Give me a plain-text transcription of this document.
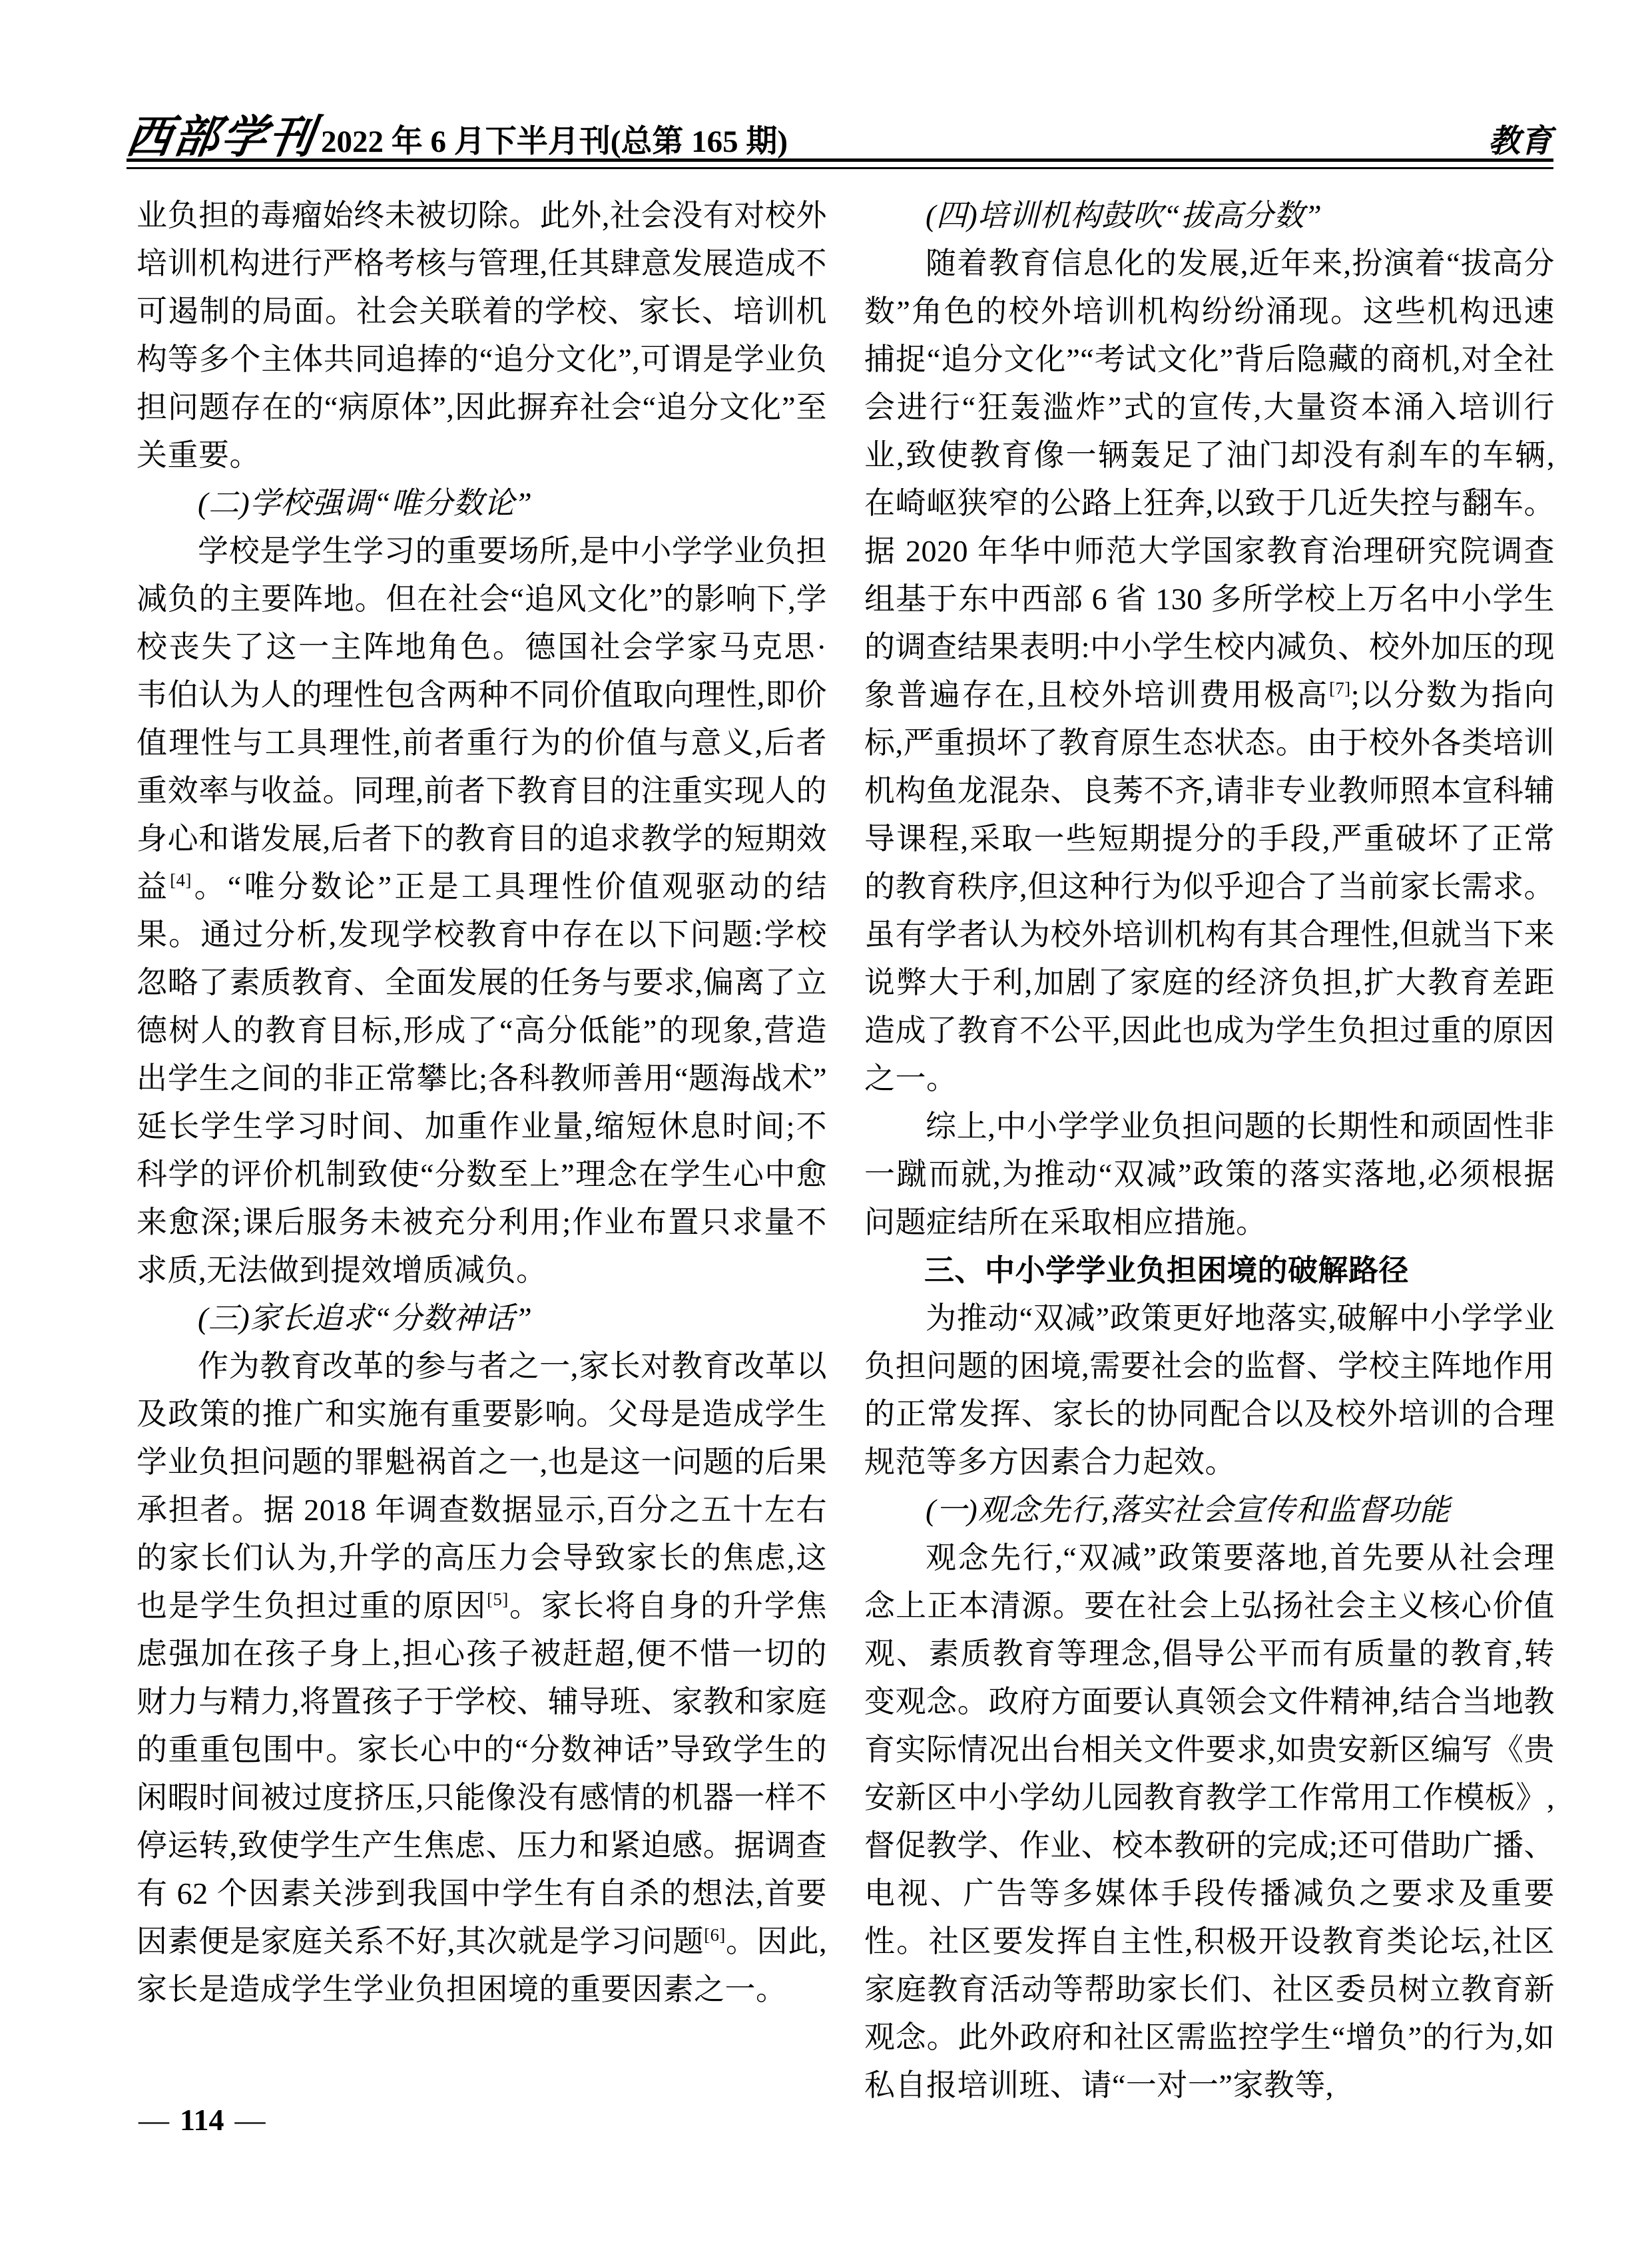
西部学刊 2022 年 6 月下半月刊(总第 165 期)	教育

业负担的毒瘤始终未被切除。此外,社会没有对校外培训机构进行严格考核与管理,任其肆意发展造成不可遏制的局面。社会关联着的学校、家长、培训机构等多个主体共同追捧的“追分文化”,可谓是学业负担问题存在的“病原体”,因此摒弃社会“追分文化”至关重要。

(二)学校强调“唯分数论”

学校是学生学习的重要场所,是中小学学业负担减负的主要阵地。但在社会“追风文化”的影响下,学校丧失了这一主阵地角色。德国社会学家马克思·韦伯认为人的理性包含两种不同价值取向理性,即价值理性与工具理性,前者重行为的价值与意义,后者重效率与收益。同理,前者下教育目的注重实现人的身心和谐发展,后者下的教育目的追求教学的短期效益[4]。“唯分数论”正是工具理性价值观驱动的结果。通过分析,发现学校教育中存在以下问题:学校忽略了素质教育、全面发展的任务与要求,偏离了立德树人的教育目标,形成了“高分低能”的现象,营造出学生之间的非正常攀比;各科教师善用“题海战术”延长学生学习时间、加重作业量,缩短休息时间;不科学的评价机制致使“分数至上”理念在学生心中愈来愈深;课后服务未被充分利用;作业布置只求量不求质,无法做到提效增质减负。

(三)家长追求“分数神话”

作为教育改革的参与者之一,家长对教育改革以及政策的推广和实施有重要影响。父母是造成学生学业负担问题的罪魁祸首之一,也是这一问题的后果承担者。据 2018 年调查数据显示,百分之五十左右的家长们认为,升学的高压力会导致家长的焦虑,这也是学生负担过重的原因[5]。家长将自身的升学焦虑强加在孩子身上,担心孩子被赶超,便不惜一切的财力与精力,将置孩子于学校、辅导班、家教和家庭的重重包围中。家长心中的“分数神话”导致学生的闲暇时间被过度挤压,只能像没有感情的机器一样不停运转,致使学生产生焦虑、压力和紧迫感。据调查有 62 个因素关涉到我国中学生有自杀的想法,首要因素便是家庭关系不好,其次就是学习问题[6]。因此,家长是造成学生学业负担困境的重要因素之一。

(四)培训机构鼓吹“拔高分数”

随着教育信息化的发展,近年来,扮演着“拔高分数”角色的校外培训机构纷纷涌现。这些机构迅速捕捉“追分文化”“考试文化”背后隐藏的商机,对全社会进行“狂轰滥炸”式的宣传,大量资本涌入培训行业,致使教育像一辆轰足了油门却没有刹车的车辆,在崎岖狭窄的公路上狂奔,以致于几近失控与翻车。据 2020 年华中师范大学国家教育治理研究院调查组基于东中西部 6 省 130 多所学校上万名中小学生的调查结果表明:中小学生校内减负、校外加压的现象普遍存在,且校外培训费用极高[7];以分数为指向标,严重损坏了教育原生态状态。由于校外各类培训机构鱼龙混杂、良莠不齐,请非专业教师照本宣科辅导课程,采取一些短期提分的手段,严重破坏了正常的教育秩序,但这种行为似乎迎合了当前家长需求。虽有学者认为校外培训机构有其合理性,但就当下来说弊大于利,加剧了家庭的经济负担,扩大教育差距造成了教育不公平,因此也成为学生负担过重的原因之一。

综上,中小学学业负担问题的长期性和顽固性非一蹴而就,为推动“双减”政策的落实落地,必须根据问题症结所在采取相应措施。

三、中小学学业负担困境的破解路径

为推动“双减”政策更好地落实,破解中小学学业负担问题的困境,需要社会的监督、学校主阵地作用的正常发挥、家长的协同配合以及校外培训的合理规范等多方因素合力起效。

(一)观念先行,落实社会宣传和监督功能

观念先行,“双减”政策要落地,首先要从社会理念上正本清源。要在社会上弘扬社会主义核心价值观、素质教育等理念,倡导公平而有质量的教育,转变观念。政府方面要认真领会文件精神,结合当地教育实际情况出台相关文件要求,如贵安新区编写《贵安新区中小学幼儿园教育教学工作常用工作模板》,督促教学、作业、校本教研的完成;还可借助广播、电视、广告等多媒体手段传播减负之要求及重要性。社区要发挥自主性,积极开设教育类论坛,社区家庭教育活动等帮助家长们、社区委员树立教育新观念。此外政府和社区需监控学生“增负”的行为,如私自报培训班、请“一对一”家教等,

— 114 —
